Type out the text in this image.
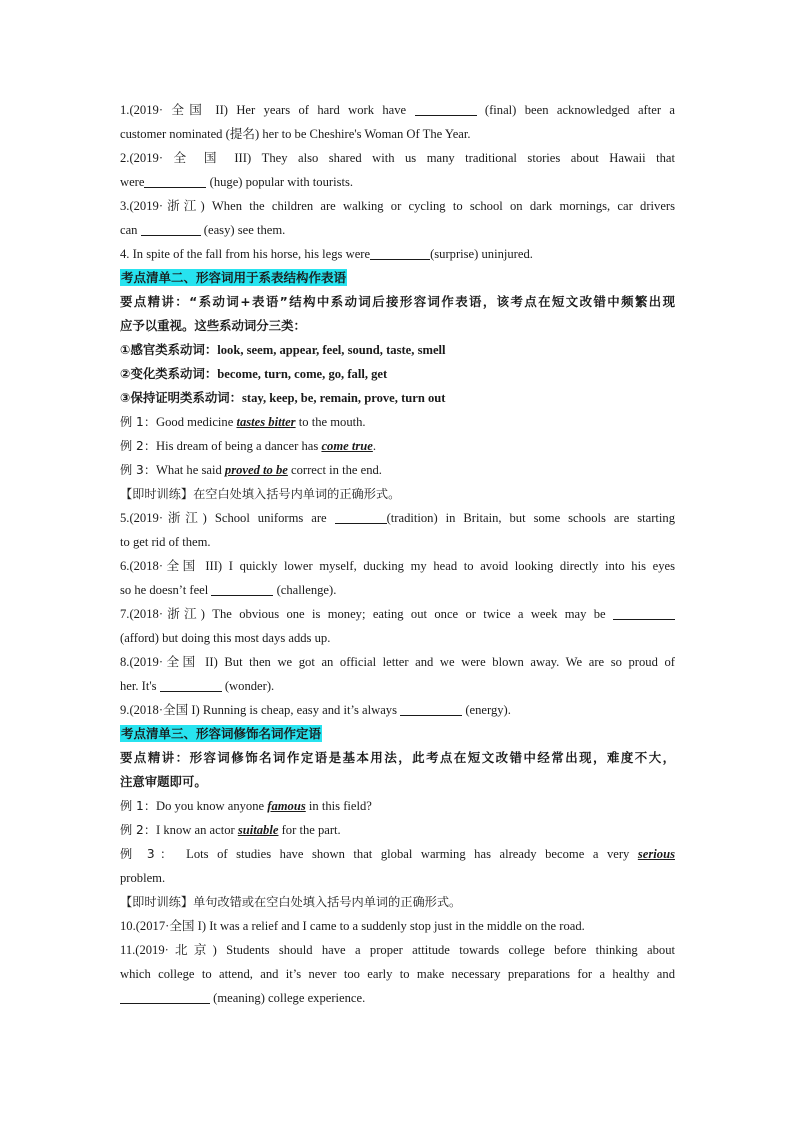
1.(2019· 全国 II) Her years of hard work have	(final) been acknowledged after a
customer nominated (提名) her to be Cheshire's Woman Of The Year.
2.(2019· 全 国 III) They also shared with us many traditional stories about Hawaii that
were	(huge) popular with tourists.
3.(2019·浙江) When the children are walking or cycling to school on dark mornings, car drivers
can	(easy) see them.
4. In spite of the fall from his horse, his legs were	(surprise) uninjured.
考点清单二、形容词用于系表结构作表语
要点精讲：“系动词+表语”结构中系动词后接形容词作表语，该考点在短文改错中频繁出现
应予以重视。这些系动词分三类：
①感官类系动词：look, seem, appear, feel, sound, taste, smell
②变化类系动词：become, turn, come, go, fall, get
③保持证明类系动词：stay, keep, be, remain, prove, turn out
例 1：Good medicine tastes bitter to the mouth.
例 2：His dream of being a dancer has come true.
例 3：What he said proved to be correct in the end.
【即时训练】在空白处填入括号内单词的正确形式。
5.(2019·浙江) School uniforms are	(tradition) in Britain, but some schools are starting
to get rid of them.
6.(2018·全国 III) I quickly lower myself, ducking my head to avoid looking directly into his eyes
so he doesn’t feel	(challenge).
7.(2018·浙江) The obvious one is money; eating out once or twice a week may be
(afford) but doing this most days adds up.
8.(2019·全国 II) But then we got an official letter and we were blown away. We are so proud of
her. It's	(wonder).
9.(2018·全国 I) Running is cheap, easy and it’s always	(energy).
考点清单三、形容词修饰名词作定语
要点精讲：形容词修饰名词作定语是基本用法，此考点在短文改错中经常出现，难度不大，
注意审题即可。
例 1：Do you know anyone famous in this field?
例 2：I know an actor suitable for the part.
例 3： Lots of studies have shown that global warming has already become a very serious
problem.
【即时训练】单句改错或在空白处填入括号内单词的正确形式。
10.(2017·全国 I) It was a relief and I came to a suddenly stop just in the middle on the road.
11.(2019·北京) Students should have a proper attitude towards college before thinking about
which college to attend, and it’s never too early to make necessary preparations for a healthy and
(meaning) college experience.
